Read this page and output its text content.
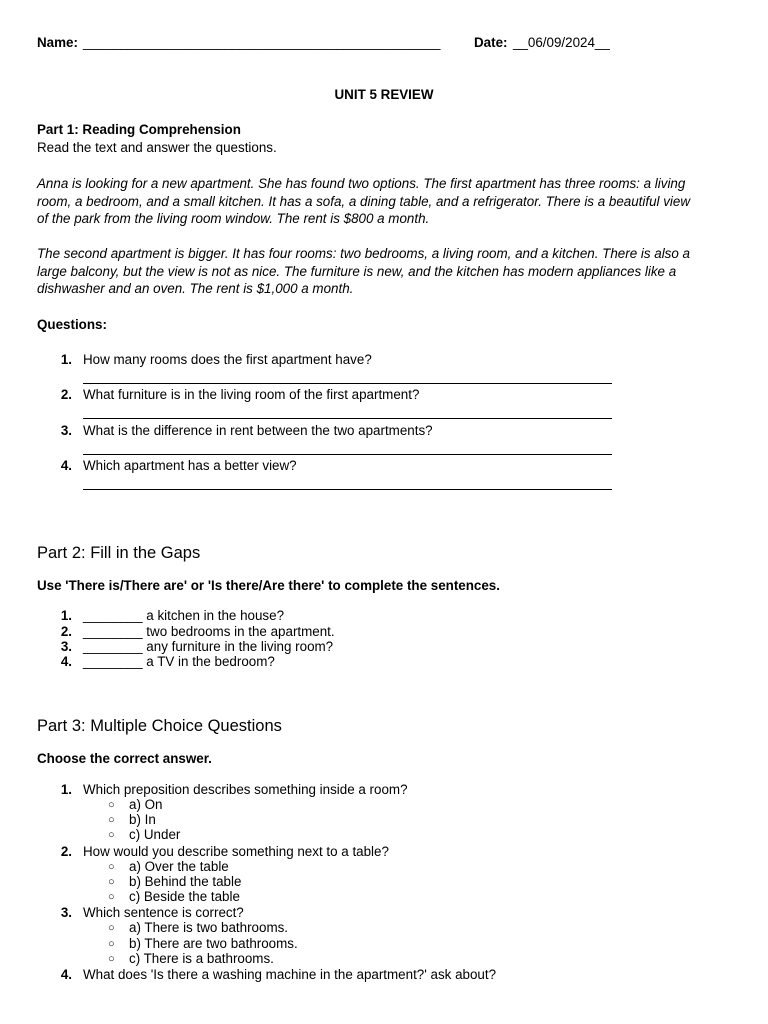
Name: ________________________________________________	Date: __06/09/2024__
UNIT 5 REVIEW
Part 1: Reading Comprehension
Read the text and answer the questions.
Anna is looking for a new apartment. She has found two options. The first apartment has three rooms: a living
room, a bedroom, and a small kitchen. It has a sofa, a dining table, and a refrigerator. There is a beautiful view
of the park from the living room window. The rent is $800 a month.
The second apartment is bigger. It has four rooms: two bedrooms, a living room, and a kitchen. There is also a
large balcony, but the view is not as nice. The furniture is new, and the kitchen has modern appliances like a
dishwasher and an oven. The rent is $1,000 a month.
Questions:
1. How many rooms does the first apartment have?
2. What furniture is in the living room of the first apartment?
3. What is the difference in rent between the two apartments?
4. Which apartment has a better view?
Part 2: Fill in the Gaps
Use 'There is/There are' or 'Is there/Are there' to complete the sentences.
1. ________ a kitchen in the house?
2. ________ two bedrooms in the apartment.
3. ________ any furniture in the living room?
4. ________ a TV in the bedroom?
Part 3: Multiple Choice Questions
Choose the correct answer.
1. Which preposition describes something inside a room?
○ a) On
○ b) In
○ c) Under
2. How would you describe something next to a table?
○ a) Over the table
○ b) Behind the table
○ c) Beside the table
3. Which sentence is correct?
○ a) There is two bathrooms.
○ b) There are two bathrooms.
○ c) There is a bathrooms.
4. What does 'Is there a washing machine in the apartment?' ask about?
